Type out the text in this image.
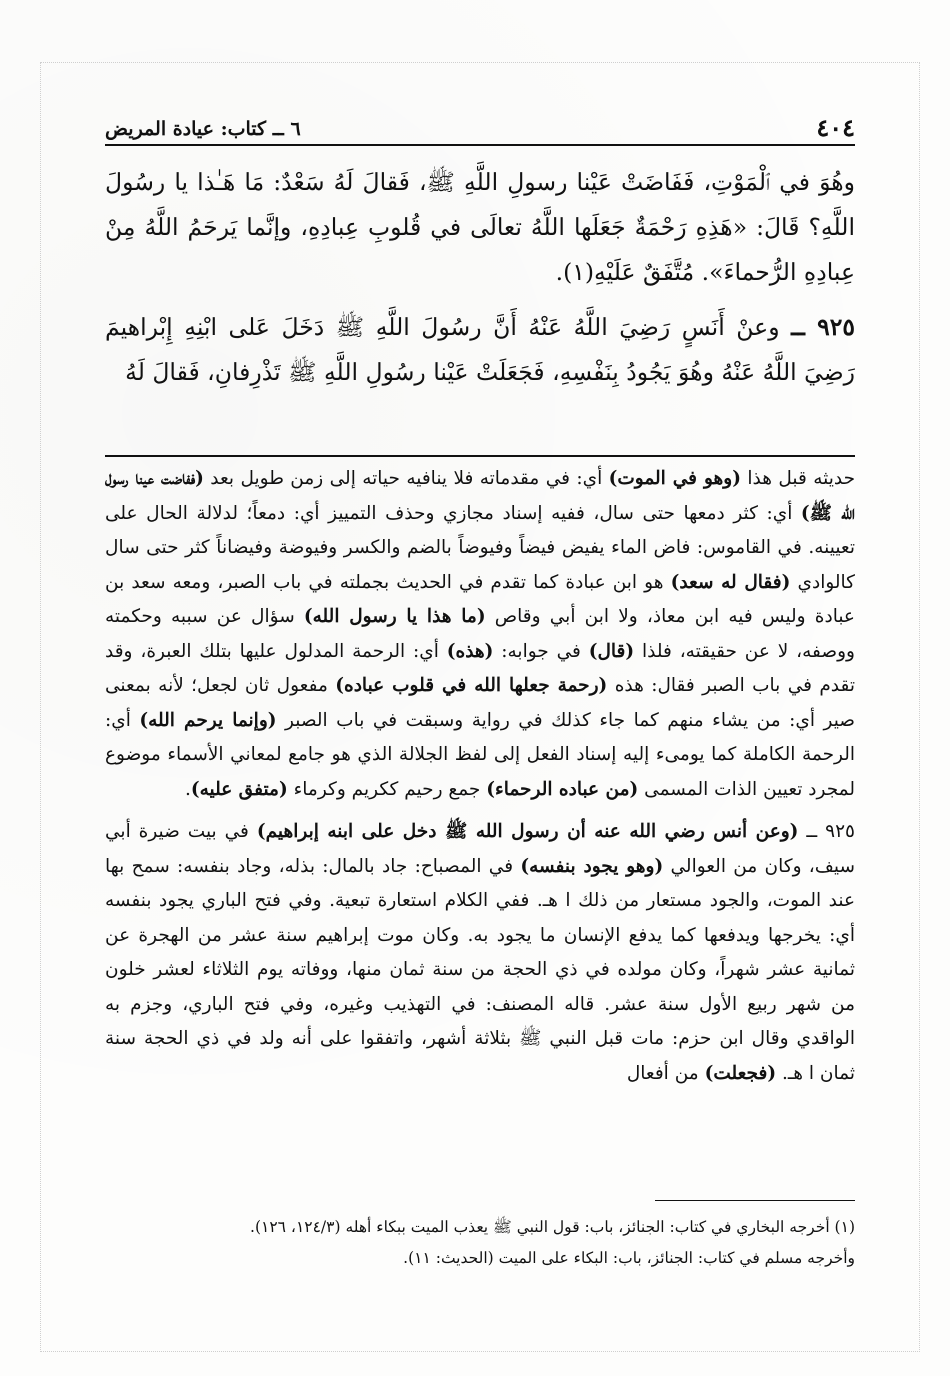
٤٠٤
٦ ــ كتاب: عيادة المريض

وهُوَ في ٱلْمَوْتِ، فَفَاضَتْ عَيْنا رسولِ اللَّهِ ﷺ، فَقالَ لَهُ سَعْدٌ: مَا هَـٰذا يا رسُولَ اللَّهِ؟ قَالَ: «هَذِهِ رَحْمَةٌ جَعَلَها اللَّهُ تعالَى في قُلوبِ عِبادِهِ، وإنَّما يَرحَمُ اللَّهُ مِنْ عِبادِهِ الرُّحماءَ». مُتَّفَقٌ عَلَيْهِ(١).

٩٢٥ ــ وعنْ أَنَسٍ رَضِيَ اللَّهُ عَنْهُ أَنَّ رسُولَ اللَّهِ ﷺ دَخَلَ عَلى ابْنِهِ إِبْراهيمَ رَضِيَ اللَّهُ عَنْهُ وهُوَ يَجُودُ بِنَفْسِهِ، فَجَعَلَتْ عَيْنا رسُولِ اللَّهِ ﷺ تَذْرِفانِ، فَقالَ لَهُ

حديثه قبل هذا (وهو في الموت) أي: في مقدماته فلا ينافيه حياته إلى زمن طويل بعد (ففاضت عينا رسول الله ﷺ) أي: كثر دمعها حتى سال، ففيه إسناد مجازي وحذف التمييز أي: دمعاً؛ لدلالة الحال على تعيينه. في القاموس: فاض الماء يفيض فيضاً وفيوضاً بالضم والكسر وفيوضة وفيضاناً كثر حتى سال كالوادي (فقال له سعد) هو ابن عبادة كما تقدم في الحديث بجملته في باب الصبر، ومعه سعد بن عبادة وليس فيه ابن معاذ، ولا ابن أبي وقاص (ما هذا يا رسول الله) سؤال عن سببه وحكمته ووصفه، لا عن حقيقته، فلذا (قال) في جوابه: (هذه) أي: الرحمة المدلول عليها بتلك العبرة، وقد تقدم في باب الصبر فقال: هذه (رحمة جعلها الله في قلوب عباده) مفعول ثان لجعل؛ لأنه بمعنى صير أي: من يشاء منهم كما جاء كذلك في رواية وسبقت في باب الصبر (وإنما يرحم الله) أي: الرحمة الكاملة كما يومىء إليه إسناد الفعل إلى لفظ الجلالة الذي هو جامع لمعاني الأسماء موضوع لمجرد تعيين الذات المسمى (من عباده الرحماء) جمع رحيم ككريم وكرماء (متفق عليه).

٩٢٥ ــ (وعن أنس رضي الله عنه أن رسول الله ﷺ دخل على ابنه إبراهيم) في بيت ضيرة أبي سيف، وكان من العوالي (وهو يجود بنفسه) في المصباح: جاد بالمال: بذله، وجاد بنفسه: سمح بها عند الموت، والجود مستعار من ذلك ا هـ. ففي الكلام استعارة تبعية. وفي فتح الباري يجود بنفسه أي: يخرجها ويدفعها كما يدفع الإنسان ما يجود به. وكان موت إبراهيم سنة عشر من الهجرة عن ثمانية عشر شهراً، وكان مولده في ذي الحجة من سنة ثمان منها، ووفاته يوم الثلاثاء لعشر خلون من شهر ربيع الأول سنة عشر. قاله المصنف: في التهذيب وغيره، وفي فتح الباري، وجزم به الواقدي وقال ابن حزم: مات قبل النبي ﷺ بثلاثة أشهر، واتفقوا على أنه ولد في ذي الحجة سنة ثمان ا هـ. (فجعلت) من أفعال

(١) أخرجه البخاري في كتاب: الجنائز، باب: قول النبي ﷺ يعذب الميت ببكاء أهله (١٢٤/٣، ١٢٦).

وأخرجه مسلم في كتاب: الجنائز، باب: البكاء على الميت (الحديث: ١١).
